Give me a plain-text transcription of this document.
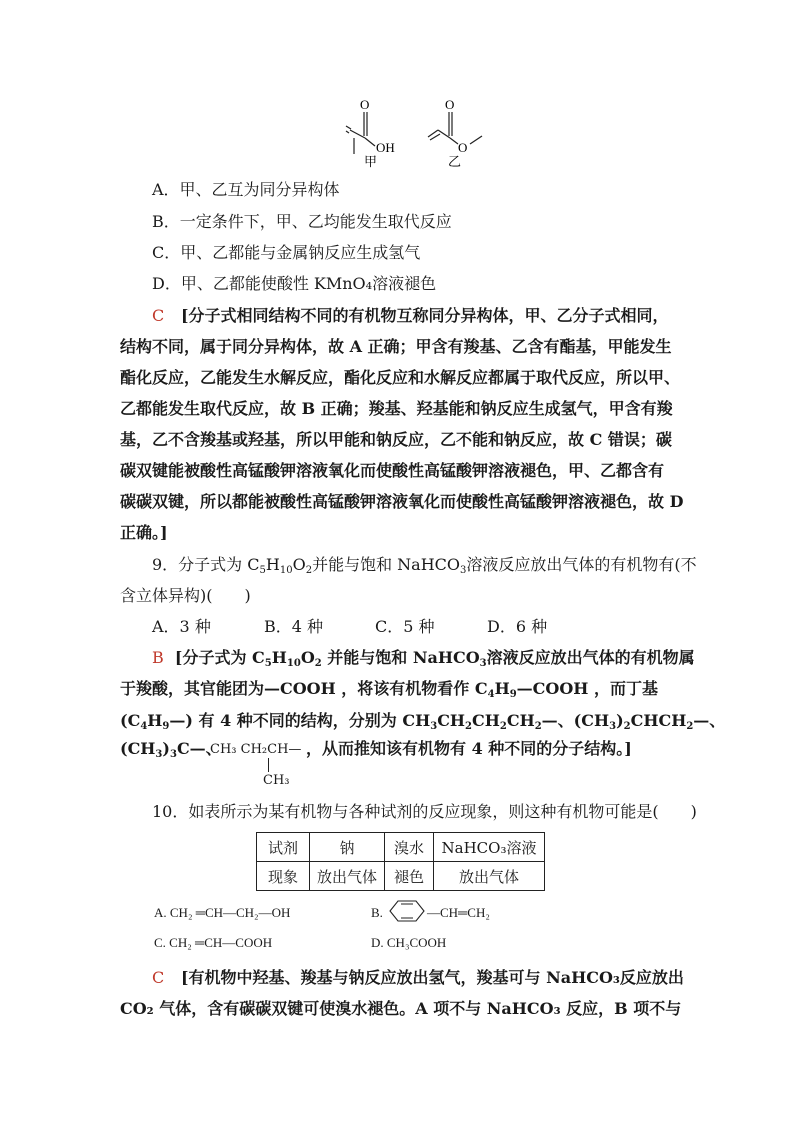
O
OH
甲
O
O
乙
A．甲、乙互为同分异构体
B．一定条件下，甲、乙均能发生取代反应
C．甲、乙都能与金属钠反应生成氢气
D．甲、乙都能使酸性 KMnO₄溶液褪色
C [分子式相同结构不同的有机物互称同分异构体，甲、乙分子式相同，
结构不同，属于同分异构体，故 A 正确；甲含有羧基、乙含有酯基，甲能发生
酯化反应，乙能发生水解反应，酯化反应和水解反应都属于取代反应，所以甲、
乙都能发生取代反应，故 B 正确；羧基、羟基能和钠反应生成氢气，甲含有羧
基，乙不含羧基或羟基，所以甲能和钠反应，乙不能和钠反应，故 C 错误；碳
碳双键能被酸性高锰酸钾溶液氧化而使酸性高锰酸钾溶液褪色，甲、乙都含有
碳碳双键，所以都能被酸性高锰酸钾溶液氧化而使酸性高锰酸钾溶液褪色，故 D
正确。]
9．分子式为 $C_5H_{10}O_2$并能与饱和 NaHCO$_3$溶液反应放出气体的有机物有(不
含立体异构)(　　)
A．3 种	B．4 种	C．5 种	D．6 种
B [分子式为 $C_5H_{10}O_2$ 并能与饱和 NaHCO$_3$溶液反应放出气体的有机物属
于羧酸，其官能团为—COOH ，将该有机物看作 $C_4H_9—COOH$ ，而丁基
$(C_4H_9—)$ 有 4 种不同的结构，分别为 $CH_3CH_2CH_2CH_2—$、$(CH_3)_2CHCH_2—$、
$(CH_3)_3C—$、
CH₃ CH₂CH— ，从而推知该有机物有 4 种不同的分子结构。]
CH₃
10．如表所示为某有机物与各种试剂的反应现象，则这种有机物可能是(　　)
试剂	钠	溴水	NaHCO₃溶液
现象	放出气体	褪色	放出气体
A. CH₂ ═CH—CH₂—OH	B.	—CH═CH₂
C. CH₂ ═CH—COOH	D. CH₃COOH
C [有机物中羟基、羧基与钠反应放出氢气，羧基可与 NaHCO₃反应放出
CO₂ 气体，含有碳碳双键可使溴水褪色。A 项不与 NaHCO₃ 反应，B 项不与
